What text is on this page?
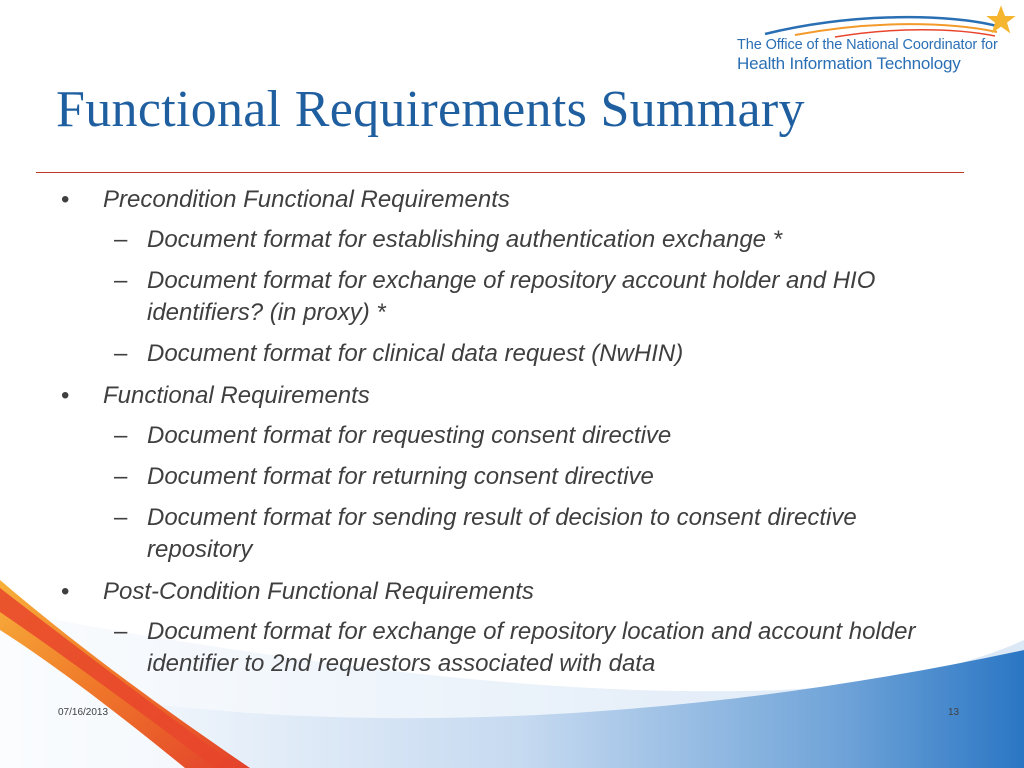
The Office of the National Coordinator for
Health Information Technology
Functional Requirements Summary
• Precondition Functional Requirements
– Document format for establishing authentication exchange *
– Document format for exchange of repository account holder and HIO identifiers? (in proxy) *
– Document format for clinical data request (NwHIN)
• Functional Requirements
– Document format for requesting consent directive
– Document format for returning consent directive
– Document format for sending result of decision to consent directive repository
• Post-Condition Functional Requirements
– Document format for exchange of repository location and account holder identifier to 2nd requestors associated with data
07/16/2013	13
